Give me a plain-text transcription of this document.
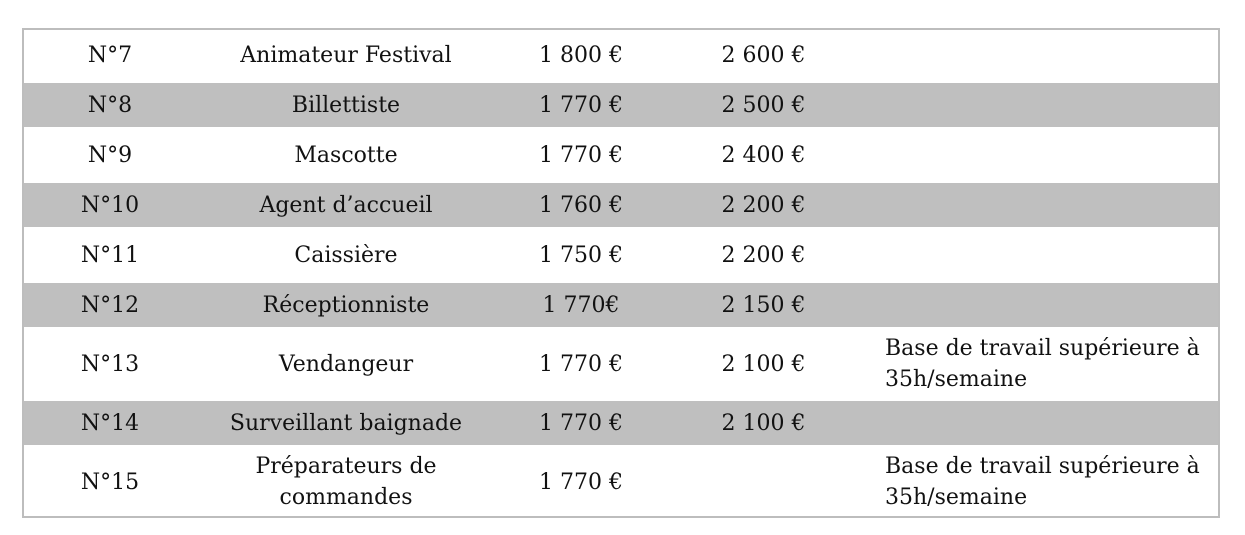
N°7	Animateur Festival	1 800 €	2 600 €	
N°8	Billettiste	1 770 €	2 500 €	
N°9	Mascotte	1 770 €	2 400 €	
N°10	Agent d’accueil	1 760 €	2 200 €	
N°11	Caissière	1 750 €	2 200 €	
N°12	Réceptionniste	1 770€	2 150 €	
N°13	Vendangeur	1 770 €	2 100 €	Base de travail supérieure à 35h/semaine
N°14	Surveillant baignade	1 770 €	2 100 €	
N°15	Préparateurs de commandes	1 770 €		Base de travail supérieure à 35h/semaine
